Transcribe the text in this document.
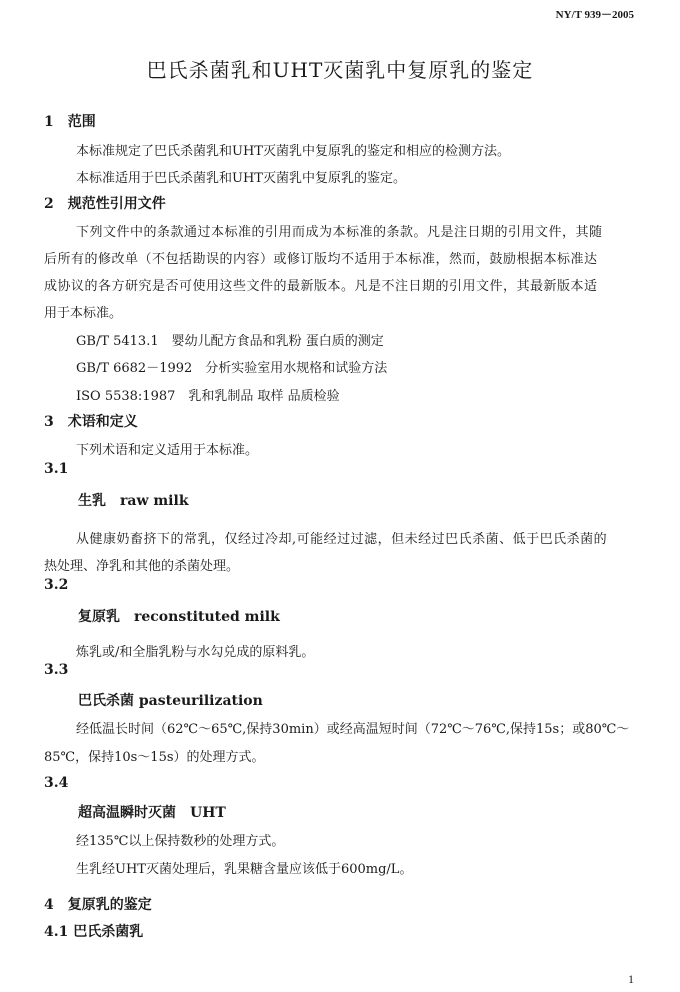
NY/T 939－2005
巴氏杀菌乳和UHT灭菌乳中复原乳的鉴定
1　范围
本标准规定了巴氏杀菌乳和UHT灭菌乳中复原乳的鉴定和相应的检测方法。
本标准适用于巴氏杀菌乳和UHT灭菌乳中复原乳的鉴定。
2　规范性引用文件
下列文件中的条款通过本标准的引用而成为本标准的条款。凡是注日期的引用文件，其随
后所有的修改单（不包括勘误的内容）或修订版均不适用于本标准，然而，鼓励根据本标准达
成协议的各方研究是否可使用这些文件的最新版本。凡是不注日期的引用文件，其最新版本适
用于本标准。
GB/T 5413.1　婴幼儿配方食品和乳粉 蛋白质的测定
GB/T 6682－1992　分析实验室用水规格和试验方法
ISO 5538:1987　乳和乳制品 取样 品质检验
3　术语和定义
下列术语和定义适用于本标准。
3.1
生乳　raw milk
从健康奶畜挤下的常乳，仅经过冷却,可能经过过滤，但未经过巴氏杀菌、低于巴氏杀菌的
热处理、净乳和其他的杀菌处理。
3.2
复原乳　reconstituted milk
炼乳或/和全脂乳粉与水勾兑成的原料乳。
3.3
巴氏杀菌 pasteurilization
经低温长时间（62℃～65℃,保持30min）或经高温短时间（72℃～76℃,保持15s；或80℃～
85℃，保持10s～15s）的处理方式。
3.4
超高温瞬时灭菌　UHT
经135℃以上保持数秒的处理方式。
生乳经UHT灭菌处理后，乳果糖含量应该低于600mg/L。
4　复原乳的鉴定
4.1 巴氏杀菌乳
1
